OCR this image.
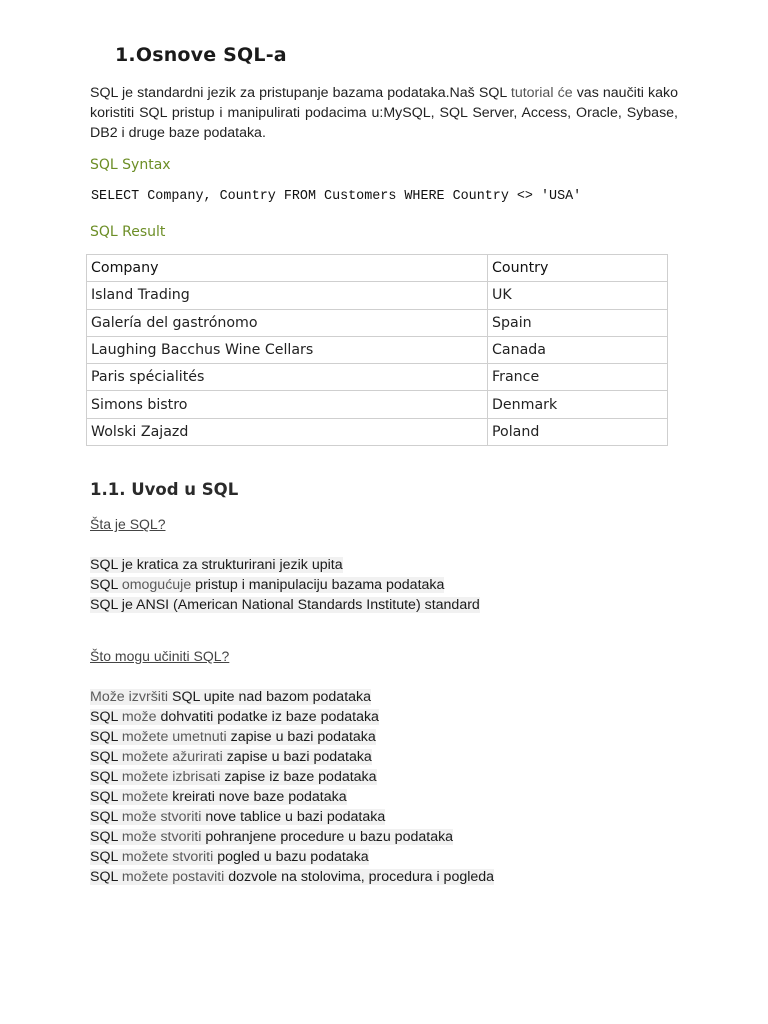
1.Osnove SQL-a

SQL je standardni jezik za pristupanje bazama podataka.Naš SQL tutorial će vas naučiti kako koristiti SQL pristup i manipulirati podacima u:MySQL, SQL Server, Access, Oracle, Sybase, DB2 i druge baze podataka.

SQL Syntax
SELECT Company, Country FROM Customers WHERE Country <> 'USA'
SQL Result
Company	Country
Island Trading	UK
Galería del gastrónomo	Spain
Laughing Bacchus Wine Cellars	Canada
Paris spécialités	France
Simons bistro	Denmark
Wolski Zajazd	Poland
1.1. Uvod u SQL
Šta je SQL?
SQL je kratica za strukturirani jezik upita
SQL omogućuje pristup i manipulaciju bazama podataka
SQL je ANSI (American National Standards Institute) standard
Što mogu učiniti SQL?
Može izvršiti SQL upite nad bazom podataka
SQL može dohvatiti podatke iz baze podataka
SQL možete umetnuti zapise u bazi podataka
SQL možete ažurirati zapise u bazi podataka
SQL možete izbrisati zapise iz baze podataka
SQL možete kreirati nove baze podataka
SQL može stvoriti nove tablice u bazi podataka
SQL može stvoriti pohranjene procedure u bazu podataka
SQL možete stvoriti pogled u bazu podataka
SQL možete postaviti dozvole na stolovima, procedura i pogleda
